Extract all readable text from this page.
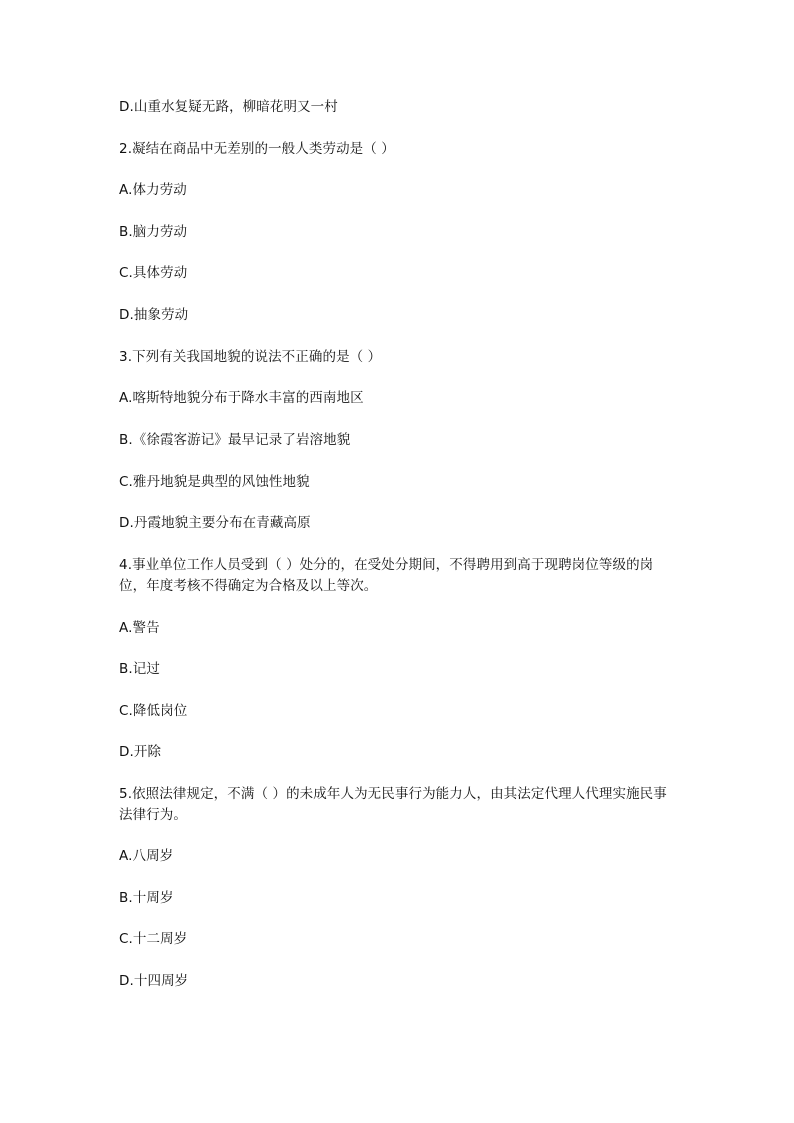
D.山重水复疑无路，柳暗花明又一村
2.凝结在商品中无差别的一般人类劳动是（ ）
A.体力劳动
B.脑力劳动
C.具体劳动
D.抽象劳动
3.下列有关我国地貌的说法不正确的是（ ）
A.喀斯特地貌分布于降水丰富的西南地区
B.《徐霞客游记》最早记录了岩溶地貌
C.雅丹地貌是典型的风蚀性地貌
D.丹霞地貌主要分布在青藏高原
4.事业单位工作人员受到（ ）处分的，在受处分期间，不得聘用到高于现聘岗位等级的岗位，年度考核不得确定为合格及以上等次。
A.警告
B.记过
C.降低岗位
D.开除
5.依照法律规定，不满（ ）的未成年人为无民事行为能力人，由其法定代理人代理实施民事法律行为。
A.八周岁
B.十周岁
C.十二周岁
D.十四周岁
